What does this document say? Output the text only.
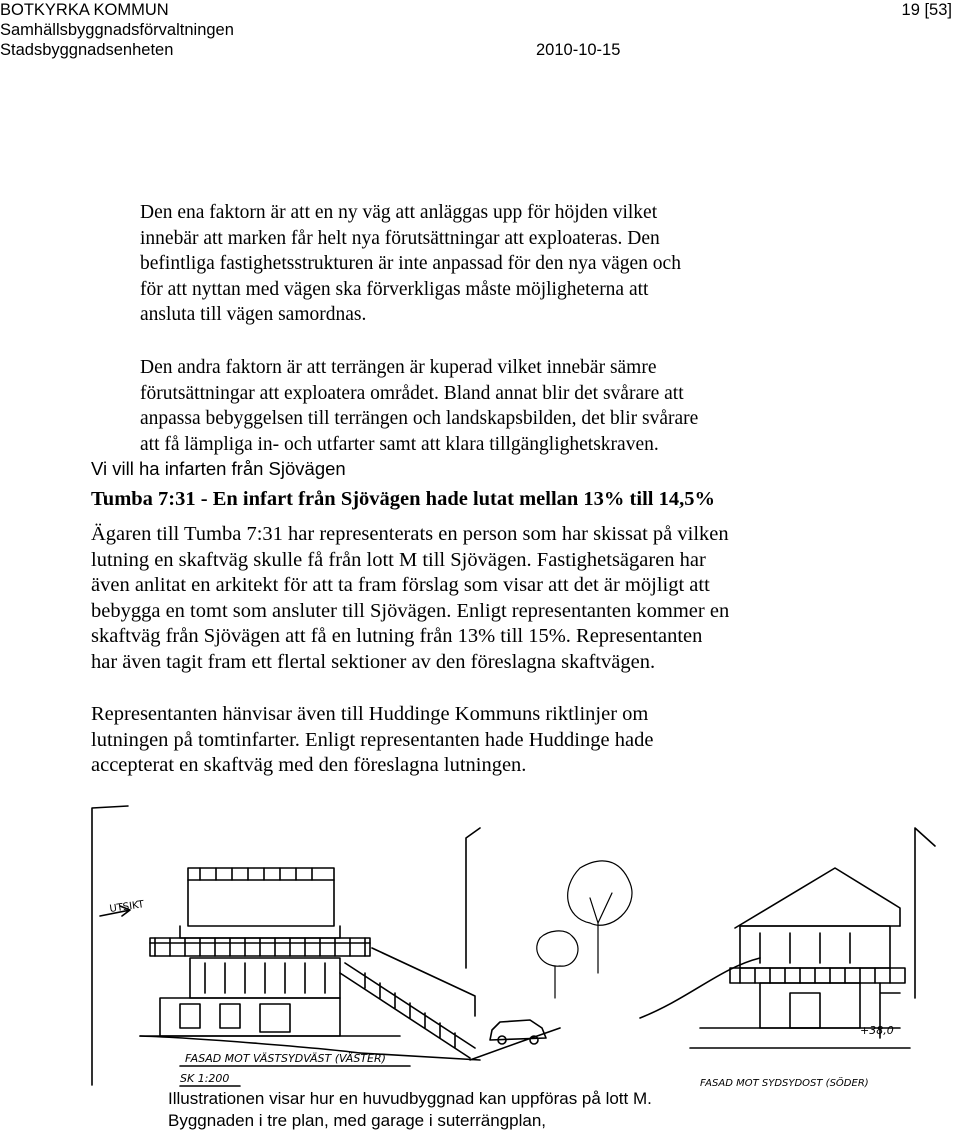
BOTKYRKA KOMMUN
Samhällsbyggnadsförvaltningen
Stadsbyggnadsenheten	2010-10-15
19 [53]
Den ena faktorn är att en ny väg att anläggas upp för höjden vilket
innebär att marken får helt nya förutsättningar att exploateras. Den
befintliga fastighetsstrukturen är inte anpassad för den nya vägen och
för att nyttan med vägen ska förverkligas måste möjligheterna att
ansluta till vägen samordnas.
Den andra faktorn är att terrängen är kuperad vilket innebär sämre
förutsättningar att exploatera området. Bland annat blir det svårare att
anpassa bebyggelsen till terrängen och landskapsbilden, det blir svårare
att få lämpliga in- och utfarter samt att klara tillgänglighetskraven.
Vi vill ha infarten från Sjövägen
Tumba 7:31 - En infart från Sjövägen hade lutat mellan 13% till 14,5%
Ägaren till Tumba 7:31 har representerats en person som har skissat på vilken
lutning en skaftväg skulle få från lott M till Sjövägen. Fastighetsägaren har
även anlitat en arkitekt för att ta fram förslag som visar att det är möjligt att
bebygga en tomt som ansluter till Sjövägen. Enligt representanten kommer en
skaftväg från Sjövägen att få en lutning från 13% till 15%. Representanten
har även tagit fram ett flertal sektioner av den föreslagna skaftvägen.
Representanten hänvisar även till Huddinge Kommuns riktlinjer om
lutningen på tomtinfarter. Enligt representanten hade Huddinge hade
accepterat en skaftväg med den föreslagna lutningen.
UTSIKT
FASAD MOT VÄSTSYDVÄST (VÄSTER)
SK 1:200
+38,0
FASAD MOT SYDSYDOST (SÖDER)
Illustrationen visar hur en huvudbyggnad kan uppföras på lott M.
Byggnaden i tre plan, med garage i suterrängplan,
